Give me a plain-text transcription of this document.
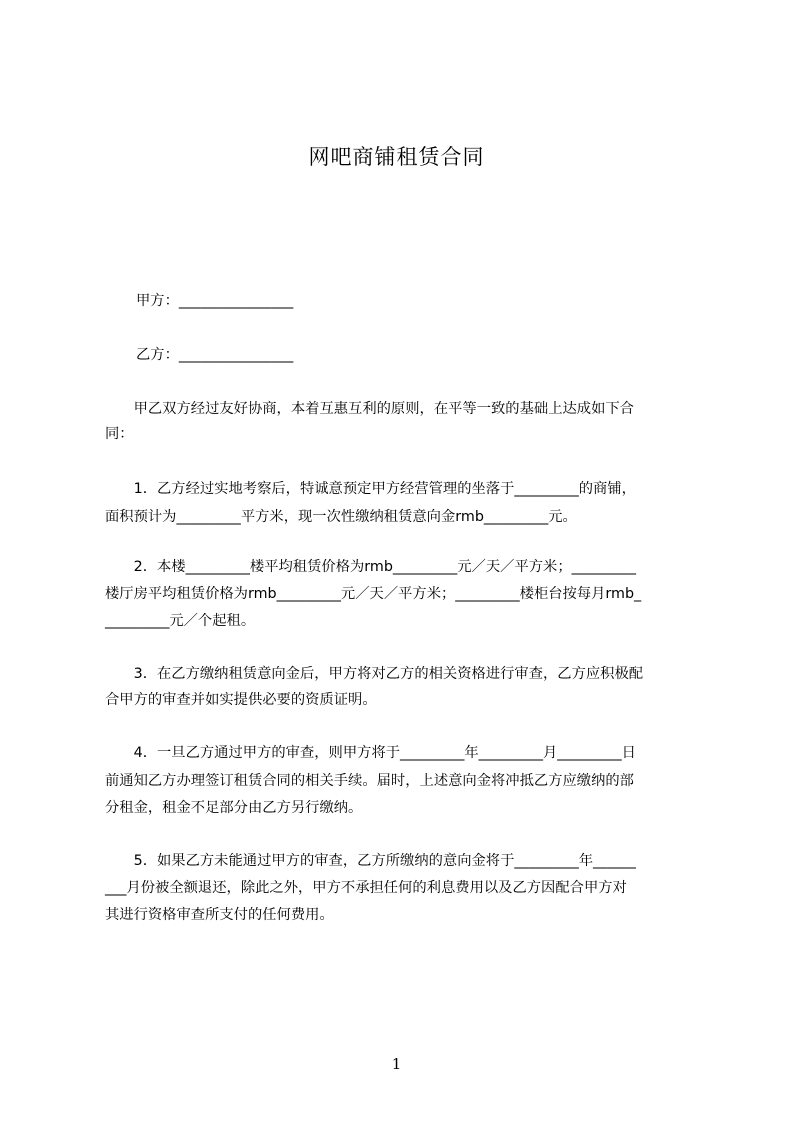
网吧商铺租赁合同
甲方：________________
乙方：________________
　　甲乙双方经过友好协商，本着互惠互利的原则，在平等一致的基础上达成如下合
同：
　　1．乙方经过实地考察后，特诚意预定甲方经营管理的坐落于_________的商铺，
面积预计为_________平方米，现一次性缴纳租赁意向金rmb_________元。
　　2．本楼_________楼平均租赁价格为rmb_________元／天／平方米；_________
楼厅房平均租赁价格为rmb_________元／天／平方米；_________楼柜台按每月rmb_
_________元／个起租。
　　3．在乙方缴纳租赁意向金后，甲方将对乙方的相关资格进行审查，乙方应积极配
合甲方的审查并如实提供必要的资质证明。
　　4．一旦乙方通过甲方的审查，则甲方将于_________年_________月_________日
前通知乙方办理签订租赁合同的相关手续。届时，上述意向金将冲抵乙方应缴纳的部
分租金，租金不足部分由乙方另行缴纳。
　　5．如果乙方未能通过甲方的审查，乙方所缴纳的意向金将于_________年______
___月份被全额退还，除此之外，甲方不承担任何的利息费用以及乙方因配合甲方对
其进行资格审查所支付的任何费用。
1
